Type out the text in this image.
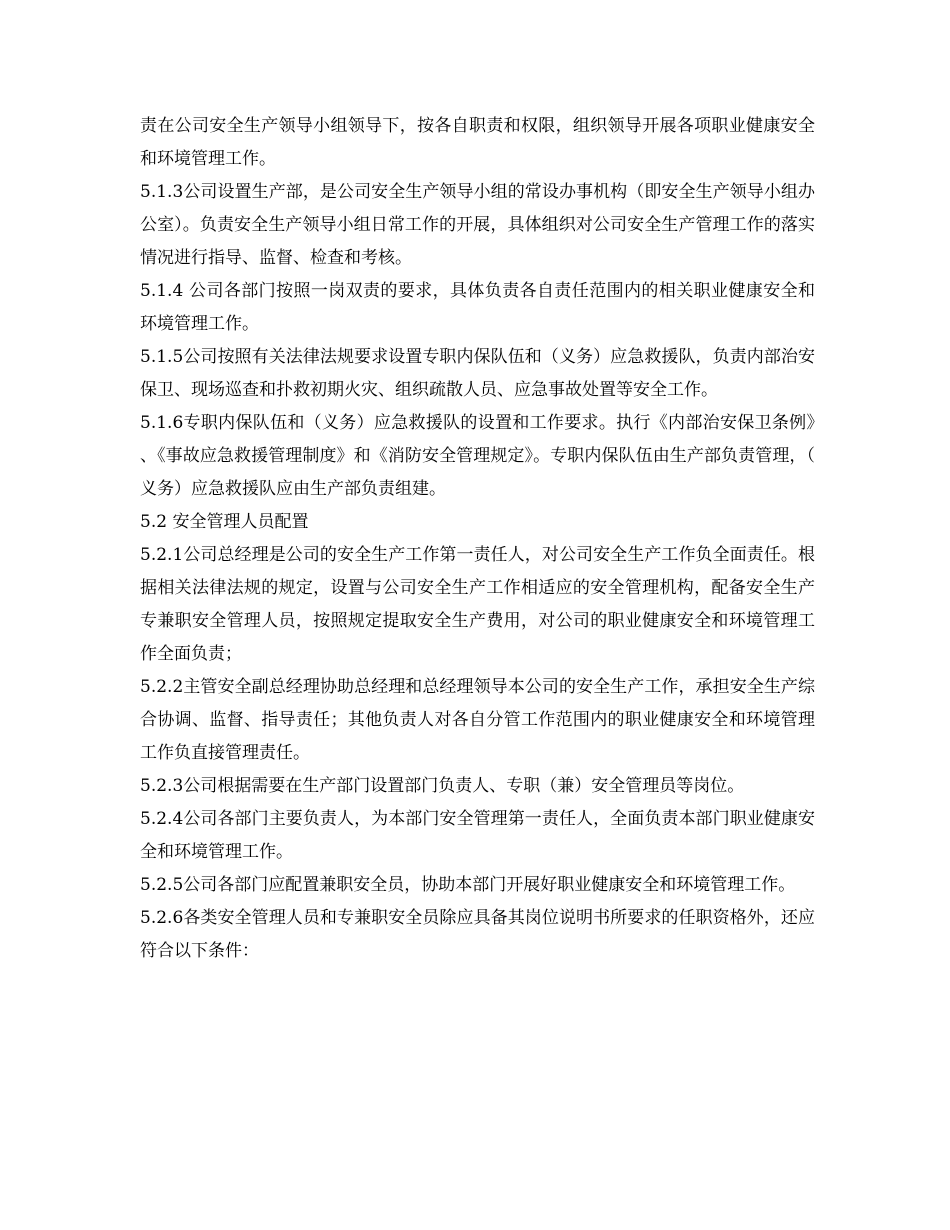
责在公司安全生产领导小组领导下，按各自职责和权限，组织领导开展各项职业健康安全和环境管理工作。

5.1.3公司设置生产部，是公司安全生产领导小组的常设办事机构（即安全生产领导小组办公室）。负责安全生产领导小组日常工作的开展，具体组织对公司安全生产管理工作的落实情况进行指导、监督、检查和考核。

5.1.4 公司各部门按照一岗双责的要求，具体负责各自责任范围内的相关职业健康安全和环境管理工作。

5.1.5公司按照有关法律法规要求设置专职内保队伍和（义务）应急救援队，负责内部治安保卫、现场巡查和扑救初期火灾、组织疏散人员、应急事故处置等安全工作。

5.1.6专职内保队伍和（义务）应急救援队的设置和工作要求。执行《内部治安保卫条例》、《事故应急救援管理制度》和《消防安全管理规定》。专职内保队伍由生产部负责管理，（义务）应急救援队应由生产部负责组建。

5.2 安全管理人员配置

5.2.1公司总经理是公司的安全生产工作第一责任人，对公司安全生产工作负全面责任。根据相关法律法规的规定，设置与公司安全生产工作相适应的安全管理机构，配备安全生产专兼职安全管理人员，按照规定提取安全生产费用，对公司的职业健康安全和环境管理工作全面负责；

5.2.2主管安全副总经理协助总经理和总经理领导本公司的安全生产工作，承担安全生产综合协调、监督、指导责任；其他负责人对各自分管工作范围内的职业健康安全和环境管理工作负直接管理责任。

5.2.3公司根据需要在生产部门设置部门负责人、专职（兼）安全管理员等岗位。

5.2.4公司各部门主要负责人，为本部门安全管理第一责任人，全面负责本部门职业健康安全和环境管理工作。

5.2.5公司各部门应配置兼职安全员，协助本部门开展好职业健康安全和环境管理工作。

5.2.6各类安全管理人员和专兼职安全员除应具备其岗位说明书所要求的任职资格外，还应符合以下条件：
